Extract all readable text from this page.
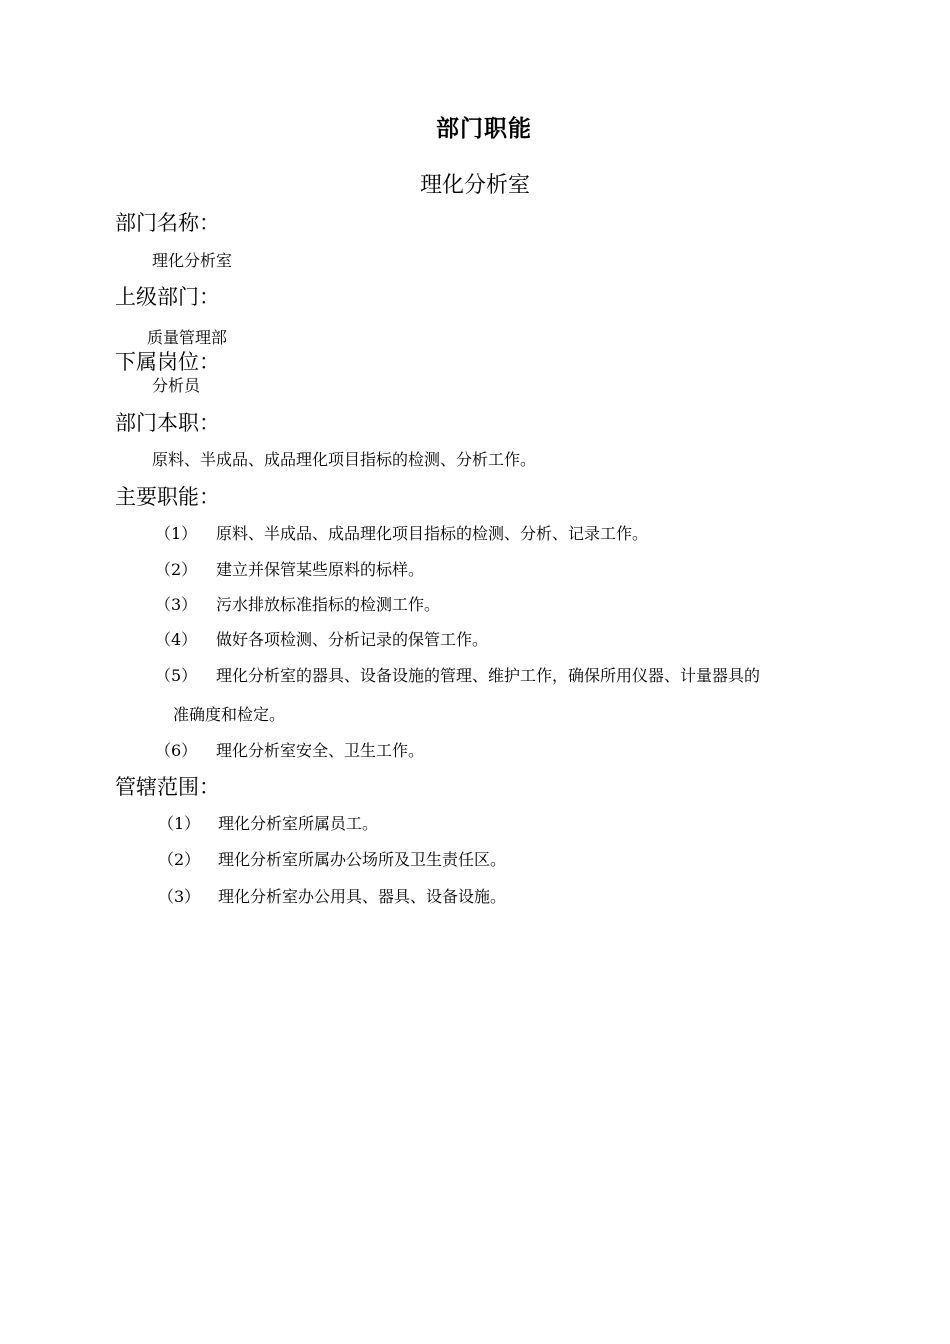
部门职能
理化分析室
部门名称：
理化分析室
上级部门：
质量管理部
下属岗位：
分析员
部门本职：
原料、半成品、成品理化项目指标的检测、分析工作。
主要职能：
（1） 原料、半成品、成品理化项目指标的检测、分析、记录工作。
（2） 建立并保管某些原料的标样。
（3） 污水排放标准指标的检测工作。
（4） 做好各项检测、分析记录的保管工作。
（5） 理化分析室的器具、设备设施的管理、维护工作，确保所用仪器、计量器具的
准确度和检定。
（6） 理化分析室安全、卫生工作。
管辖范围：
（1） 理化分析室所属员工。
（2） 理化分析室所属办公场所及卫生责任区。
（3） 理化分析室办公用具、器具、设备设施。
